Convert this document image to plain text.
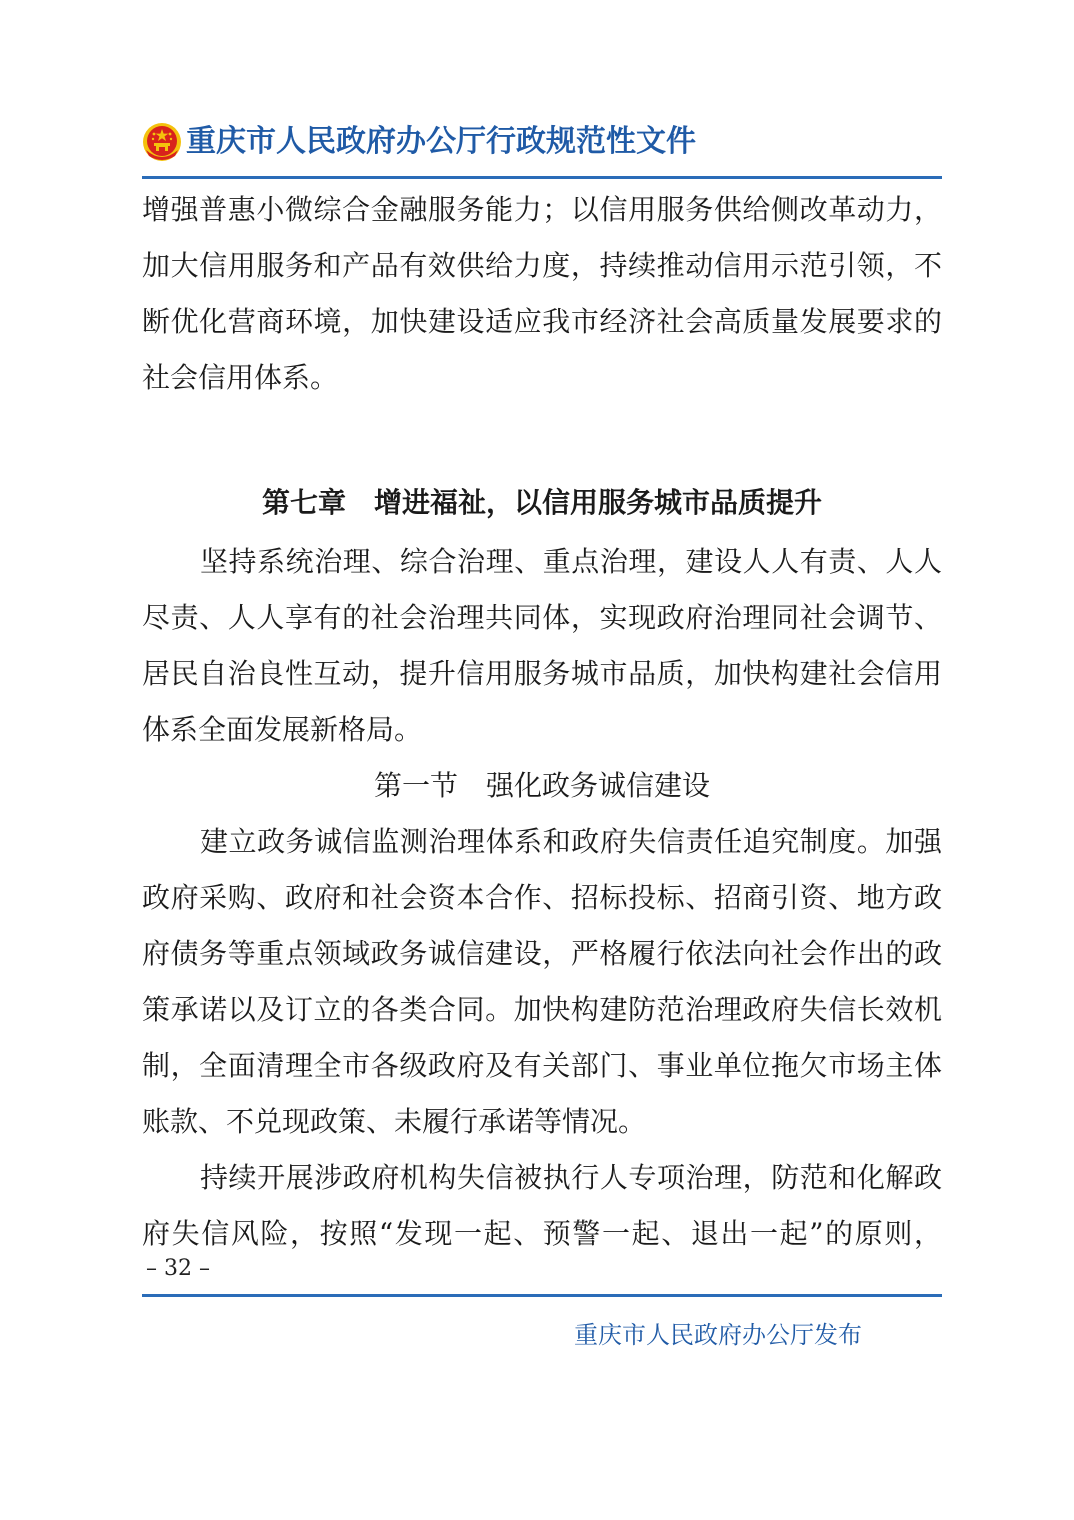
重庆市人民政府办公厅行政规范性文件
增强普惠小微综合金融服务能力；以信用服务供给侧改革动力，
加大信用服务和产品有效供给力度，持续推动信用示范引领，不
断优化营商环境，加快建设适应我市经济社会高质量发展要求的
社会信用体系。
第七章　增进福祉，以信用服务城市品质提升
坚持系统治理、综合治理、重点治理，建设人人有责、人人
尽责、人人享有的社会治理共同体，实现政府治理同社会调节、
居民自治良性互动，提升信用服务城市品质，加快构建社会信用
体系全面发展新格局。
第一节　强化政务诚信建设
建立政务诚信监测治理体系和政府失信责任追究制度。加强
政府采购、政府和社会资本合作、招标投标、招商引资、地方政
府债务等重点领域政务诚信建设，严格履行依法向社会作出的政
策承诺以及订立的各类合同。加快构建防范治理政府失信长效机
制，全面清理全市各级政府及有关部门、事业单位拖欠市场主体
账款、不兑现政策、未履行承诺等情况。
持续开展涉政府机构失信被执行人专项治理，防范和化解政
府失信风险，按照“发现一起、预警一起、退出一起”的原则，
– 32 –
重庆市人民政府办公厅发布
